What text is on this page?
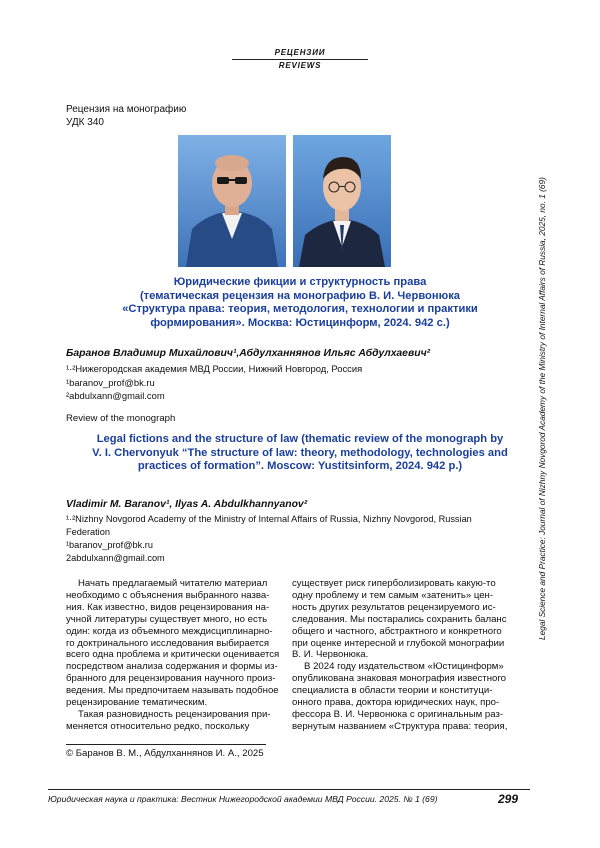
РЕЦЕНЗИИ
REVIEWS
Рецензия на монографию
УДК 340
Юридические фикции и структурность права
(тематическая рецензия на монографию В. И. Червонюка
«Структура права: теория, методология, технологии и практики
формирования». Москва: Юстицинформ, 2024. 942 с.)
Баранов Владимир Михайлович¹,Абдулханнянов Ильяс Абдулхаевич²
¹·²Нижегородская академия МВД России, Нижний Новгород, Россия
¹baranov_prof@bk.ru
²abdulxann@gmail.com
Review of the monograph
Legal fictions and the structure of law (thematic review of the monograph by
V. I. Chervonyuk “The structure of law: theory, methodology, technologies and
practices of formation”. Moscow: Yustitsinform, 2024. 942 p.)
Vladimir M. Baranov¹, Ilyas A. Abdulkhannyanov²
¹·²Nizhny Novgorod Academy of the Ministry of Internal Affairs of Russia, Nizhny Novgorod, Russian
Federation
¹baranov_prof@bk.ru
2abdulxann@gmail.com
Начать предлагаемый читателю материал
необходимо с объяснения выбранного назва-
ния. Как известно, видов рецензирования на-
учной литературы существует много, но есть
один: когда из объемного междисциплинарно-
го доктринального исследования выбирается
всего одна проблема и критически оценивается
посредством анализа содержания и формы из-
бранного для рецензирования научного произ-
ведения. Мы предпочитаем называть подобное
рецензирование тематическим.
Такая разновидность рецензирования при-
меняется относительно редко, поскольку
существует риск гиперболизировать какую-то
одну проблему и тем самым «затенить» цен-
ность других результатов рецензируемого ис-
следования. Мы постарались сохранить баланс
общего и частного, абстрактного и конкретного
при оценке интересной и глубокой монографии
В. И. Червонюка.
В 2024 году издательством «Юстицинформ»
опубликована знаковая монография известного
специалиста в области теории и конституци-
онного права, доктора юридических наук, про-
фессора В. И. Червонюка с оригинальным раз-
вернутым названием «Структура права: теория,
© Баранов В. М., Абдулханнянов И. А., 2025
Юридическая наука и практика: Вестник Нижегородской академии МВД России. 2025. № 1 (69)	299
Legal Science and Practice: Journal of Nizhny Novgorod Academy of the Ministry of Internal Affairs of Russia, 2025, no. 1 (69)
